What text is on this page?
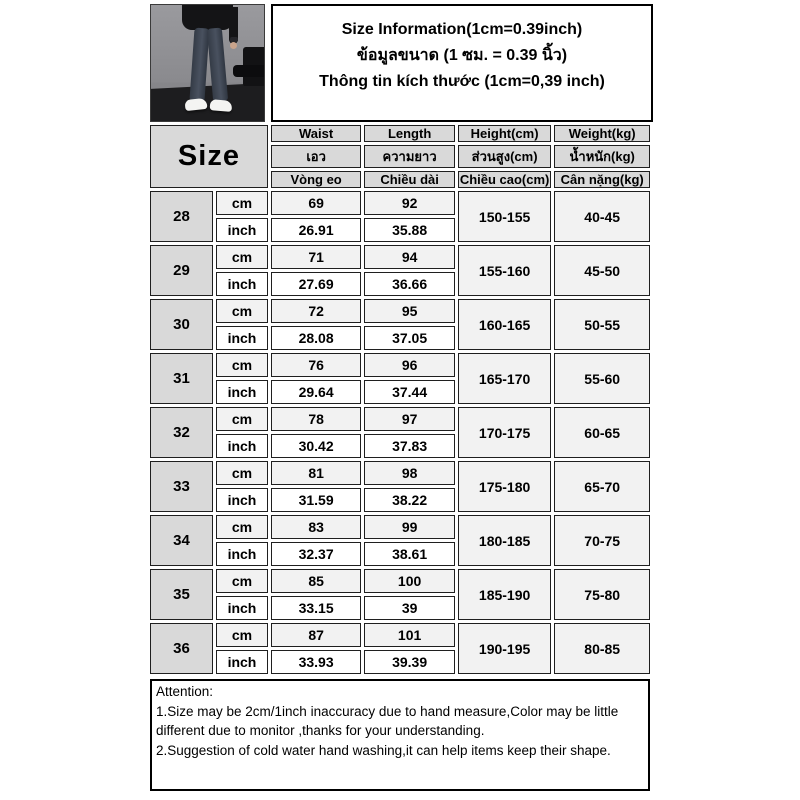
Size Information(1cm=0.39inch)
ข้อมูลขนาด (1 ซม. = 0.39 นิ้ว)
Thông tin kích thước (1cm=0,39 inch)
Size		Waist	Length	Height(cm)	Weight(kg)
		เอว	ความยาว	ส่วนสูง(cm)	น้ำหนัก(kg)
		Vòng eo	Chiều dài	Chiều cao(cm)	Cân nặng(kg)
28	cm	69	92	150-155	40-45
	inch	26.91	35.88		
29	cm	71	94	155-160	45-50
	inch	27.69	36.66		
30	cm	72	95	160-165	50-55
	inch	28.08	37.05		
31	cm	76	96	165-170	55-60
	inch	29.64	37.44		
32	cm	78	97	170-175	60-65
	inch	30.42	37.83		
33	cm	81	98	175-180	65-70
	inch	31.59	38.22		
34	cm	83	99	180-185	70-75
	inch	32.37	38.61		
35	cm	85	100	185-190	75-80
	inch	33.15	39		
36	cm	87	101	190-195	80-85
	inch	33.93	39.39		
Attention:
1.Size may be 2cm/1inch inaccuracy due to hand measure,Color may be little different due to monitor ,thanks for your understanding.
2.Suggestion of cold water hand washing,it can help items keep their shape.
